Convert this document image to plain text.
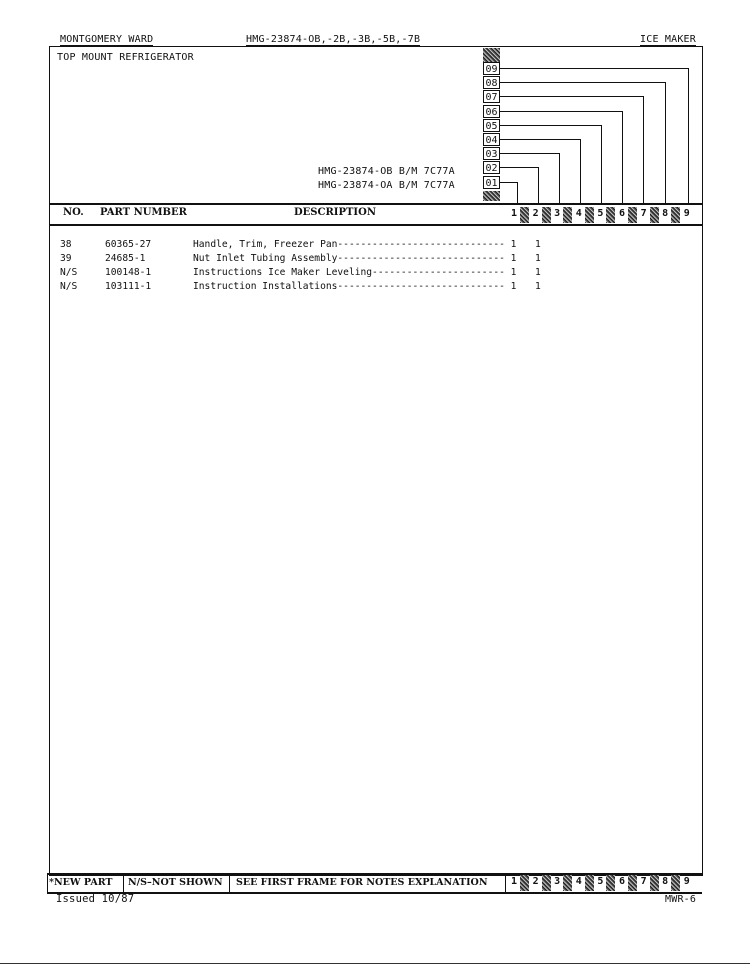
MONTGOMERY WARD	HMG-23874-OB,-2B,-3B,-5B,-7B	ICE MAKER
TOP MOUNT REFRIGERATOR
09
08
07
06
05
04
03
02
01
HMG-23874-OB B/M 7C77A
HMG-23874-OA B/M 7C77A
NO. PART NUMBER	DESCRIPTION	1 2 3 4 5 6 7 8 9
38	60365-27	Handle, Trim, Freezer Pan----------------------------- 1 1
39	24685-1	Nut Inlet Tubing Assembly----------------------------- 1 1
N/S	100148-1	Instructions Ice Maker Leveling----------------------- 1 1
N/S	103111-1	Instruction Installations----------------------------- 1 1
*NEW PART N/S–NOT SHOWN SEE FIRST FRAME FOR NOTES EXPLANATION 1 2 3 4 5 6 7 8 9
Issued 10/87	MWR-6
